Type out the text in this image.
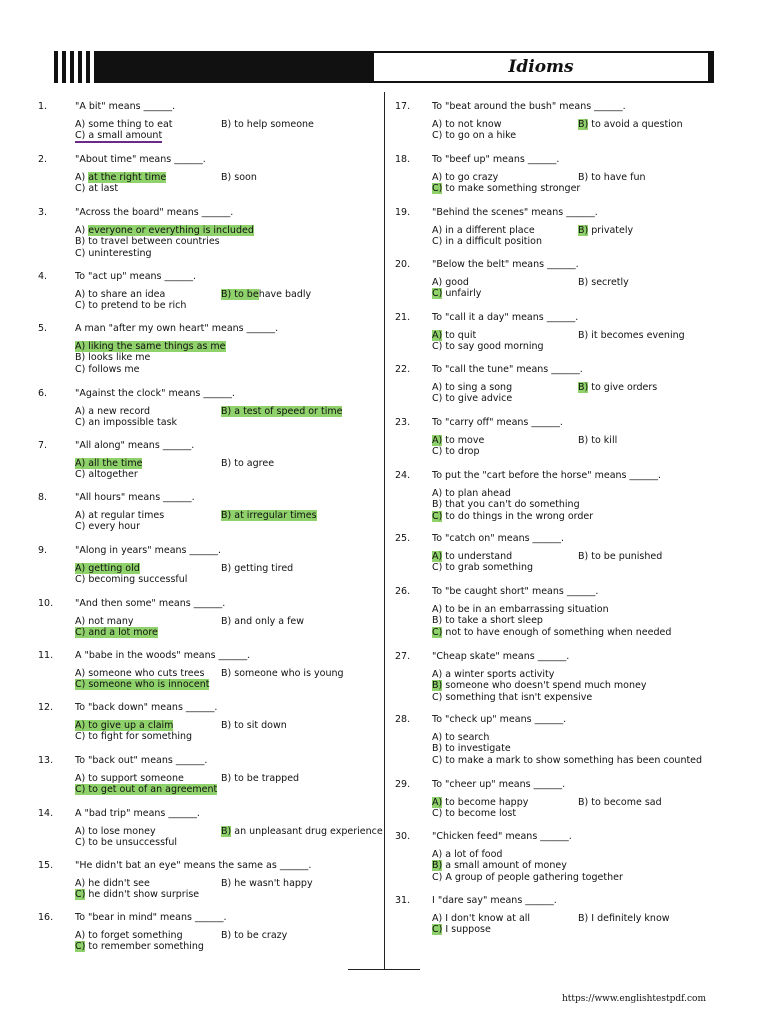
Idioms
1.	"A bit" means ______.
A) some thing to eat	B) to help someone
C) a small amount
2.	"About time" means ______.
A) at the right time	B) soon
C) at last
3.	"Across the board" means ______.
A) everyone or everything is included
B) to travel between countries
C) uninteresting
4.	To "act up" means ______.
A) to share an idea	B) to behave badly
C) to pretend to be rich
5.	A man "after my own heart" means ______.
A) liking the same things as me
B) looks like me
C) follows me
6.	"Against the clock" means ______.
A) a new record	B) a test of speed or time
C) an impossible task
7.	"All along" means ______.
A) all the time	B) to agree
C) altogether
8.	"All hours" means ______.
A) at regular times	B) at irregular times
C) every hour
9.	"Along in years" means ______.
A) getting old	B) getting tired
C) becoming successful
10. "And then some" means ______.
A) not many	B) and only a few
C) and a lot more
11. A "babe in the woods" means ______.
A) someone who cuts trees B) someone who is young
C) someone who is innocent
12. To "back down" means ______.
A) to give up a claim	B) to sit down
C) to fight for something
13. To "back out" means ______.
A) to support someone	B) to be trapped
C) to get out of an agreement
14. A "bad trip" means ______.
A) to lose money	B) an unpleasant drug experience
C) to be unsuccessful
15. "He didn't bat an eye" means the same as ______.
A) he didn't see	B) he wasn't happy
C) he didn't show surprise
16. To "bear in mind" means ______.
A) to forget something	B) to be crazy
C) to remember something
17. To "beat around the bush" means ______.
A) to not know	B) to avoid a question
C) to go on a hike
18. To "beef up" means ______.
A) to go crazy	B) to have fun
C) to make something stronger
19. "Behind the scenes" means ______.
A) in a different place	B) privately
C) in a difficult position
20. "Below the belt" means ______.
A) good	B) secretly
C) unfairly
21. To "call it a day" means ______.
A) to quit	B) it becomes evening
C) to say good morning
22. To "call the tune" means ______.
A) to sing a song	B) to give orders
C) to give advice
23. To "carry off" means ______.
A) to move	B) to kill
C) to drop
24. To put the "cart before the horse" means ______.
A) to plan ahead
B) that you can't do something
C) to do things in the wrong order
25. To "catch on" means ______.
A) to understand	B) to be punished
C) to grab something
26. To "be caught short" means ______.
A) to be in an embarrassing situation
B) to take a short sleep
C) not to have enough of something when needed
27. "Cheap skate" means ______.
A) a winter sports activity
B) someone who doesn't spend much money
C) something that isn't expensive
28. To "check up" means ______.
A) to search
B) to investigate
C) to make a mark to show something has been counted
29. To "cheer up" means ______.
A) to become happy	B) to become sad
C) to become lost
30. "Chicken feed" means ______.
A) a lot of food
B) a small amount of money
C) A group of people gathering together
31. I "dare say" means ______.
A) I don't know at all	B) I definitely know
C) I suppose
https://www.englishtestpdf.com
